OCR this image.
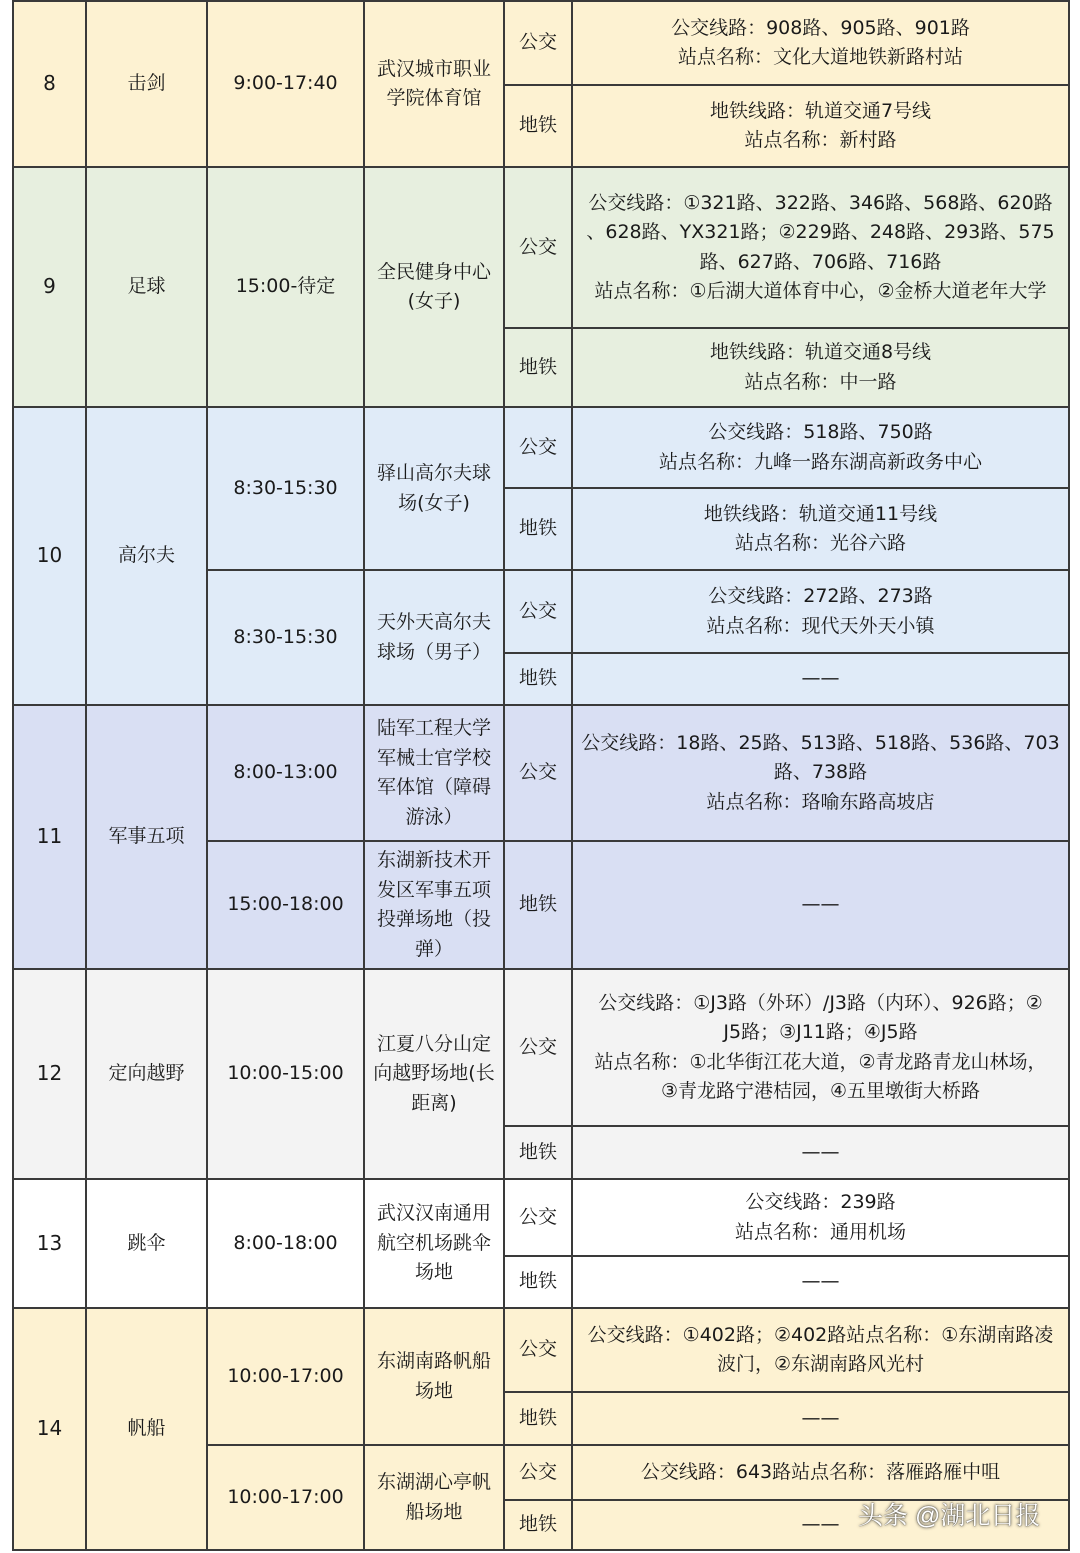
8	击剑	9:00-17:40	武汉城市职业学院体育馆	公交	公交线路：908路、905路、901路
站点名称：文化大道地铁新路村站

				地铁	地铁线路：轨道交通7号线
站点名称：新村路

9	足球	15:00-待定	全民健身中心(女子)	公交	公交线路：①321路、322路、346路、568路、620路
、628路、YX321路；②229路、248路、293路、575
路、627路、706路、716路
站点名称：①后湖大道体育中心，②金桥大道老年大学

				地铁	地铁线路：轨道交通8号线
站点名称：中一路

10	高尔夫	8:30-15:30	驿山高尔夫球场(女子)	公交	公交线路：518路、750路
站点名称：九峰一路东湖高新政务中心

				地铁	地铁线路：轨道交通11号线
站点名称：光谷六路

		8:30-15:30	天外天高尔夫球场（男子）	公交	公交线路：272路、273路
站点名称：现代天外天小镇

				地铁	——
11	军事五项	8:00-13:00	陆军工程大学军械士官学校军体馆（障碍游泳）	公交	公交线路：18路、25路、513路、518路、536路、703
路、738路
站点名称：珞喻东路高坡店

		15:00-18:00	东湖新技术开发区军事五项投弹场地（投弹）	地铁	——
12	定向越野	10:00-15:00	江夏八分山定向越野场地(长距离)	公交	公交线路：①J3路（外环）/J3路（内环）、926路；②
J5路；③J11路；④J5路
站点名称：①北华街江花大道，②青龙路青龙山林场，
③青龙路宁港桔园，④五里墩街大桥路

				地铁	——
13	跳伞	8:00-18:00	武汉汉南通用航空机场跳伞场地	公交	公交线路：239路
站点名称：通用机场

				地铁	——
14	帆船	10:00-17:00	东湖南路帆船场地	公交	公交线路：①402路；②402路站点名称：①东湖南路凌
波门，②东湖南路风光村

				地铁	——
		10:00-17:00	东湖湖心亭帆船场地	公交	公交线路：643路站点名称：落雁路雁中咀

				地铁	—— 头条 @湖北日报
